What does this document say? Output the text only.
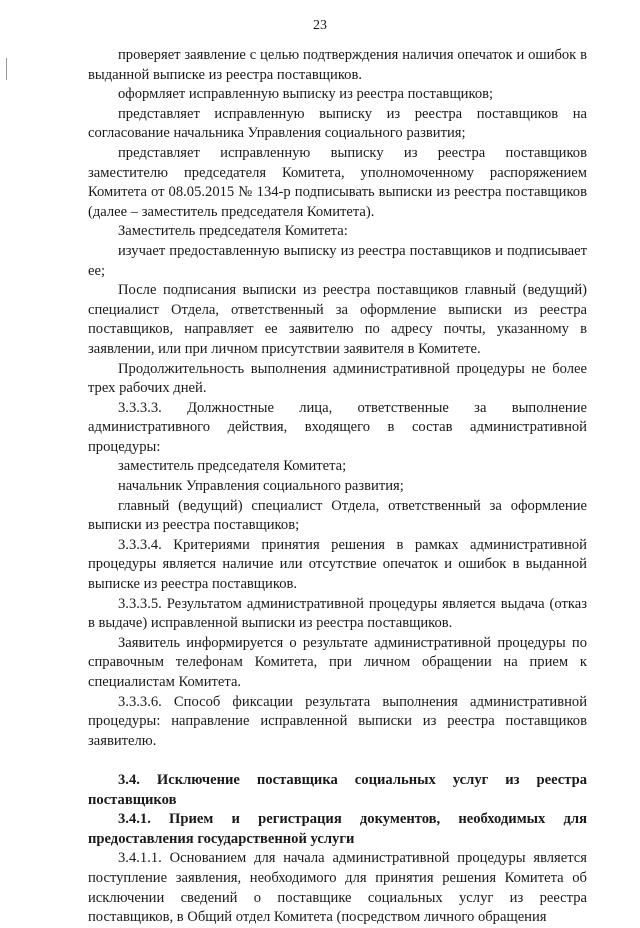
23

проверяет заявление с целью подтверждения наличия опечаток и ошибок в выданной выписке из реестра поставщиков.

оформляет исправленную выписку из реестра поставщиков;

представляет исправленную выписку из реестра поставщиков на согласование начальника Управления социального развития;

представляет исправленную выписку из реестра поставщиков заместителю председателя Комитета, уполномоченному распоряжением Комитета от 08.05.2015 № 134-р подписывать выписки из реестра поставщиков (далее – заместитель председателя Комитета).

Заместитель председателя Комитета:

изучает предоставленную выписку из реестра поставщиков и подписывает ее;

После подписания выписки из реестра поставщиков главный (ведущий) специалист Отдела, ответственный за оформление выписки из реестра поставщиков, направляет ее заявителю по адресу почты, указанному в заявлении, или при личном присутствии заявителя в Комитете.

Продолжительность выполнения административной процедуры не более трех рабочих дней.

3.3.3.3. Должностные лица, ответственные за выполнение административного действия, входящего в состав административной процедуры:

заместитель председателя Комитета;

начальник Управления социального развития;

главный (ведущий) специалист Отдела, ответственный за оформление выписки из реестра поставщиков;

3.3.3.4. Критериями принятия решения в рамках административной процедуры является наличие или отсутствие опечаток и ошибок в выданной выписке из реестра поставщиков.

3.3.3.5. Результатом административной процедуры является выдача (отказ в выдаче) исправленной выписки из реестра поставщиков.

Заявитель информируется о результате административной процедуры по справочным телефонам Комитета, при личном обращении на прием к специалистам Комитета.

3.3.3.6. Способ фиксации результата выполнения административной процедуры: направление исправленной выписки из реестра поставщиков заявителю.

3.4. Исключение поставщика социальных услуг из реестра поставщиков

3.4.1. Прием и регистрация документов, необходимых для предоставления государственной услуги

3.4.1.1. Основанием для начала административной процедуры является поступление заявления, необходимого для принятия решения Комитета об исключении сведений о поставщике социальных услуг из реестра поставщиков, в Общий отдел Комитета (посредством личного обращения
